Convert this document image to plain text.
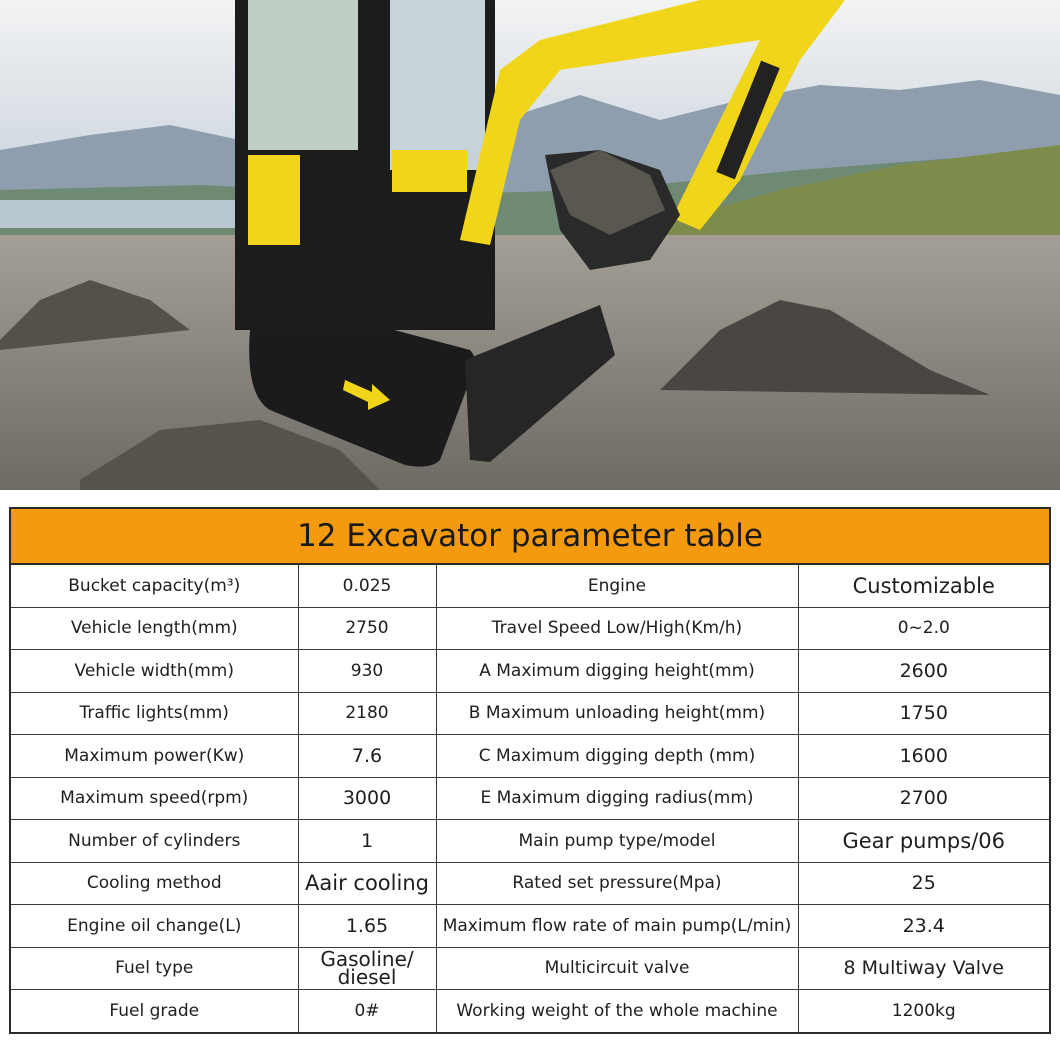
12 Excavator parameter table
Bucket capacity(m³)	0.025	Engine	Customizable
Vehicle length(mm)	2750	Travel Speed Low/High(Km/h)	0~2.0
Vehicle width(mm)	930	A Maximum digging height(mm)	2600
Traffic lights(mm)	2180	B Maximum unloading height(mm)	1750
Maximum power(Kw)	7.6	C Maximum digging depth (mm)	1600
Maximum speed(rpm)	3000	E Maximum digging radius(mm)	2700
Number of cylinders	1	Main pump type/model	Gear pumps/06
Cooling method	Aair cooling	Rated set pressure(Mpa)	25
Engine oil change(L)	1.65	Maximum flow rate of main pump(L/min)	23.4
Fuel type	Gasoline/ diesel	Multicircuit valve	8 Multiway Valve
Fuel grade	0#	Working weight of the whole machine	1200kg
